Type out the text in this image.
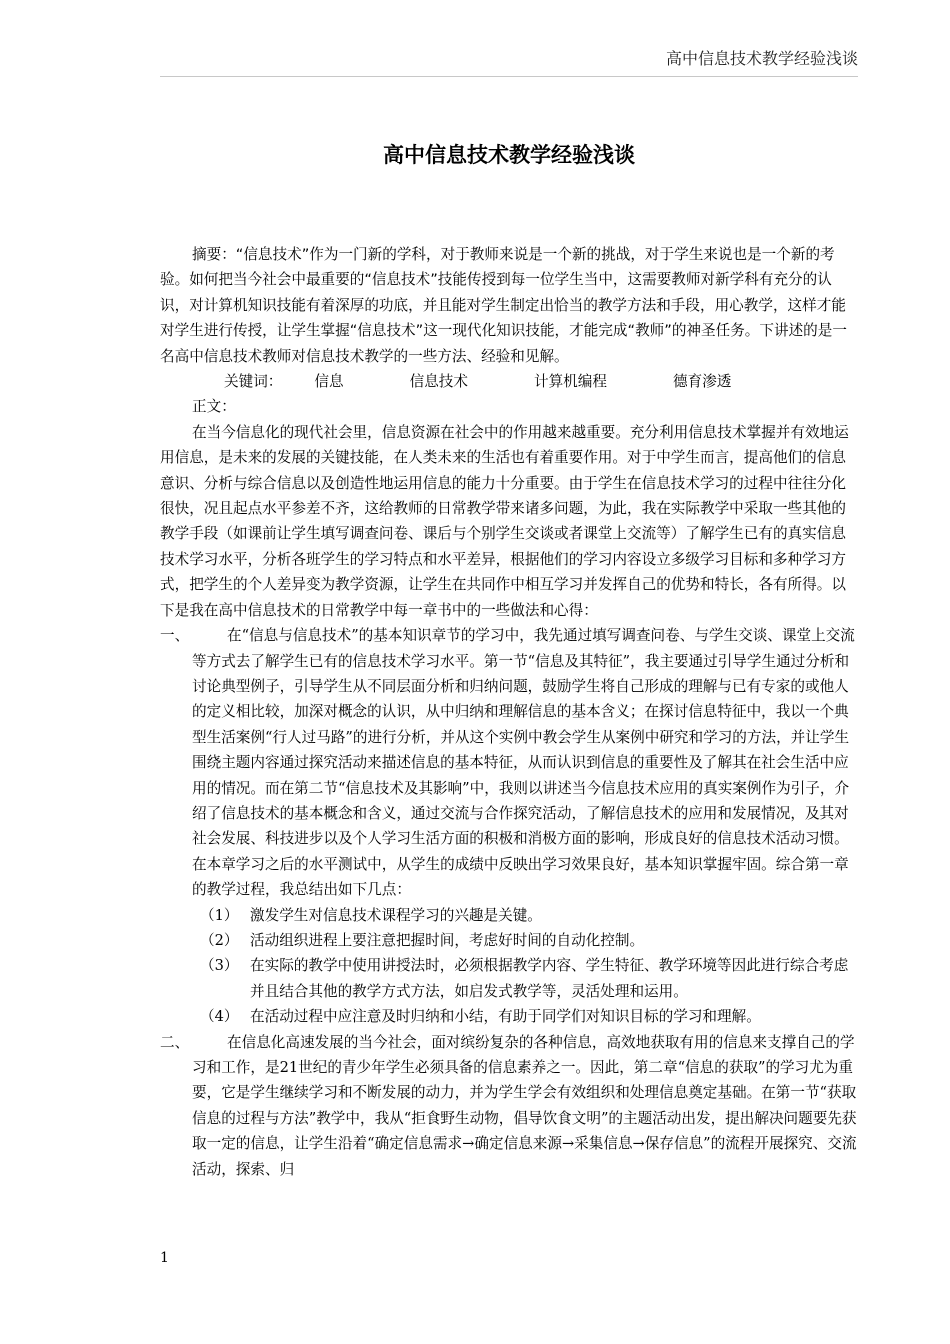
高中信息技术教学经验浅谈
高中信息技术教学经验浅谈

摘要：“信息技术”作为一门新的学科，对于教师来说是一个新的挑战，对于学生来说也是一个新的考验。如何把当今社会中最重要的“信息技术”技能传授到每一位学生当中，这需要教师对新学科有充分的认识，对计算机知识技能有着深厚的功底，并且能对学生制定出恰当的教学方法和手段，用心教学，这样才能对学生进行传授，让学生掌握“信息技术”这一现代化知识技能，才能完成“教师”的神圣任务。下讲述的是一名高中信息技术教师对信息技术教学的一些方法、经验和见解。

关键词： 信息	信息技术	计算机编程	德育渗透

正文：

在当今信息化的现代社会里，信息资源在社会中的作用越来越重要。充分利用信息技术掌握并有效地运用信息，是未来的发展的关键技能，在人类未来的生活也有着重要作用。对于中学生而言，提高他们的信息意识、分析与综合信息以及创造性地运用信息的能力十分重要。由于学生在信息技术学习的过程中往往分化很快，况且起点水平参差不齐，这给教师的日常教学带来诸多问题，为此，我在实际教学中采取一些其他的教学手段（如课前让学生填写调查问卷、课后与个别学生交谈或者课堂上交流等）了解学生已有的真实信息技术学习水平，分析各班学生的学习特点和水平差异，根据他们的学习内容设立多级学习目标和多种学习方式，把学生的个人差异变为教学资源，让学生在共同作中相互学习并发挥自己的优势和特长，各有所得。以下是我在高中信息技术的日常教学中每一章书中的一些做法和心得：

一、	在“信息与信息技术”的基本知识章节的学习中，我先通过填写调查问卷、与学生交谈、课堂上交流等方式去了解学生已有的信息技术学习水平。第一节“信息及其特征”，我主要通过引导学生通过分析和讨论典型例子，引导学生从不同层面分析和归纳问题，鼓励学生将自己形成的理解与已有专家的或他人的定义相比较，加深对概念的认识，从中归纳和理解信息的基本含义；在探讨信息特征中，我以一个典型生活案例“行人过马路”的进行分析，并从这个实例中教会学生从案例中研究和学习的方法，并让学生围绕主题内容通过探究活动来描述信息的基本特征，从而认识到信息的重要性及了解其在社会生活中应用的情况。而在第二节“信息技术及其影响”中，我则以讲述当今信息技术应用的真实案例作为引子，介绍了信息技术的基本概念和含义，通过交流与合作探究活动，了解信息技术的应用和发展情况，及其对社会发展、科技进步以及个人学习生活方面的积极和消极方面的影响，形成良好的信息技术活动习惯。在本章学习之后的水平测试中，从学生的成绩中反映出学习效果良好，基本知识掌握牢固。综合第一章的教学过程，我总结出如下几点：

（1） 激发学生对信息技术课程学习的兴趣是关键。
（2） 活动组织进程上要注意把握时间，考虑好时间的自动化控制。
（3） 在实际的教学中使用讲授法时，必须根据教学内容、学生特征、教学环境等因此进行综合考虑并且结合其他的教学方式方法，如启发式教学等，灵活处理和运用。
（4） 在活动过程中应注意及时归纳和小结，有助于同学们对知识目标的学习和理解。
二、	在信息化高速发展的当今社会，面对缤纷复杂的各种信息，高效地获取有用的信息来支撑自己的学习和工作，是21世纪的青少年学生必须具备的信息素养之一。因此，第二章“信息的获取”的学习尤为重要，它是学生继续学习和不断发展的动力，并为学生学会有效组织和处理信息奠定基础。在第一节“获取信息的过程与方法”教学中，我从“拒食野生动物，倡导饮食文明”的主题活动出发，提出解决问题要先获取一定的信息，让学生沿着“确定信息需求→确定信息来源→采集信息→保存信息”的流程开展探究、交流活动，探索、归

1
